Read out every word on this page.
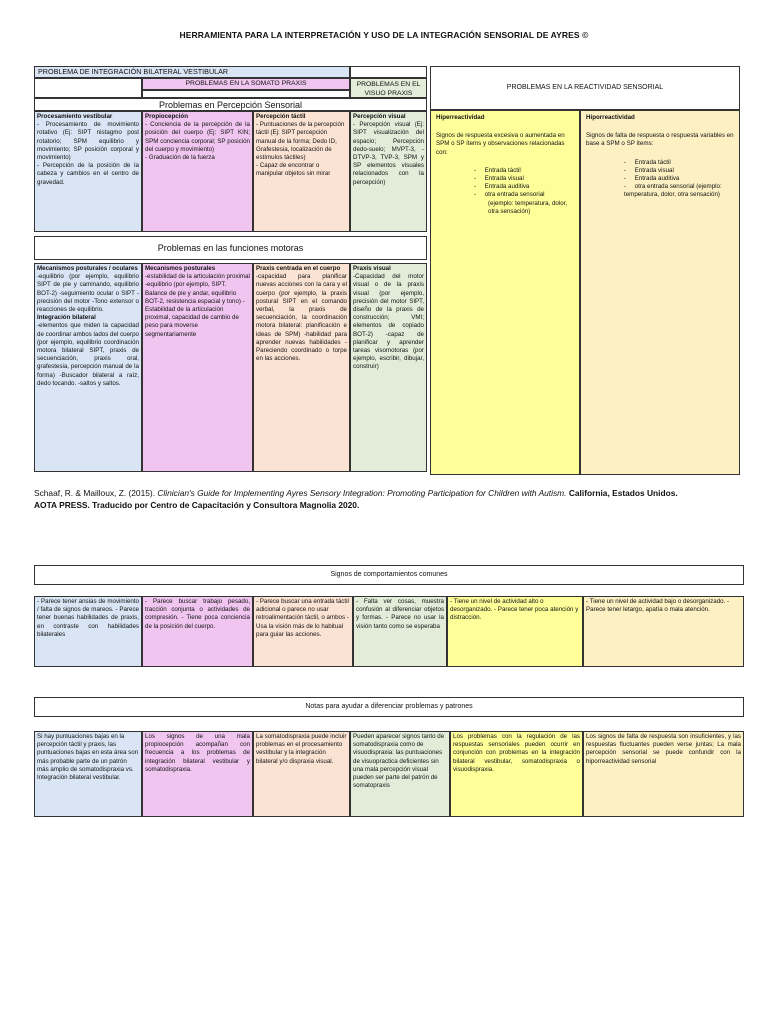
HERRAMIENTA PARA LA INTERPRETACIÓN Y USO DE LA INTEGRACIÓN SENSORIAL DE AYRES ©
PROBLEMA DE INTEGRACIÓN BILATERAL VESTIBULAR
PROBLEMAS EN LA SOMATO PRAXIS	PROBLEMAS EN EL VISUO PRAXIS
PROBLEMAS EN LA REACTIVIDAD SENSORIAL
Problemas en Percepción Sensorial

Procesamiento vestibular

- Procesamiento de movimiento rotativo (Ej: SIPT nistagmo post rotatorio; SPM equilibrio y movimiento; SP posición corporal y movimiento)

- Percepción de la posición de la cabeza y cambios en el centro de gravedad.

Propiocepción

- Conciencia de la percepción de la posición del cuerpo (Ej: SIPT KIN; SPM conciencia corporal; SP posición del cuerpo y movimiento)

- Graduación de la fuerza

Percepción táctil

- Puntuaciones de la percepción táctil (Ej: SIPT percepción manual de la forma; Dedo ID, Grafestesia, localización de estímulos táctiles)

- Capaz de encontrar o manipular objetos sin mirar

Percepción visual

- Percepción visual (Ej: SIPT visualización del espacio; Percepción dedo-suelo; MVPT-3, -DTVP-3, TVP-3, SPM y SP elementos visuales relacionados con la percepción)

Hiperreactividad

Signos de respuesta excesiva o aumentada en SPM o SP ítems y observaciones relacionadas con:

-     Entrada táctil

-     Entrada visual

-     Entrada auditiva

-     otra entrada sensorial

(ejemplo: temperatura, dolor, otra sensación)

Hiporreactividad

Signos de falta de respuesta o respuesta variables en base a SPM o SP ítems:

-     Entrada táctil

-     Entrada visual

-     Entrada auditiva

-     otra entrada sensorial (ejemplo: temperatura, dolor, otra sensación)

Problemas en las funciones motoras

Mecanismos posturales / oculares

-equilibrio (por ejemplo, equilibrio SIPT de pie y caminando, equilibrio BOT-2) -seguimiento ocular o SIPT -precisión del motor -Tono extensor o reacciones de equilibrio.

Integración bilateral

-elementos que miden la capacidad de coordinar ambos lados del cuerpo (por ejemplo, equilibrio coordinación motora bilateral SIPT, praxis de secuenciación, praxis oral, grafestesia, percepción manual de la forma) -Buscador bilateral a raíz, dedo tocando. -saltos y saltos.

Mecanismos posturales

-estabilidad de la articulación proximal -equilibrio (por ejemplo, SIPT. Balance de pie y andar, equilibrio BOT-2, resistencia espacial y tono) -Estabilidad de la articulación proximal, capacidad de cambio de peso para moverse segmentariamente

Praxis centrada en el cuerpo

-capacidad para planificar nuevas acciones con la cara y el cuerpo (por ejemplo, la praxis postural SIPT en el comando verbal, la praxis de secuenciación, la coordinación motora bilateral: planificación e ideas de SPM) -habilidad para aprender nuevas habilidades -Pareciendo coordinado o torpe en las acciones.

Praxis visual

-Capacidad del motor visual o de la praxis visual (por ejemplo, precisión del motor SIPT, diseño de la praxis de construcción; VMI; elementos de copiado BOT-2) -capaz de planificar y aprender tareas visomotoras (por ejemplo, escribir, dibujar, construir)

Schaaf, R. & Mailloux, Z. (2015). Clinician's Guide for Implementing Ayres Sensory Integration: Promoting Participation for Children with Autism. California, Estados Unidos.
AOTA PRESS. Traducido por Centro de Capacitación y Consultora Magnolia 2020.
Signos de comportamientos comunes

- Parece tener ansias de movimiento / falta de signos de mareos. - Parece tener buenas habilidades de praxis, en contraste con habilidades bilaterales

- Parece buscar trabajo pesado, tracción conjunta o actividades de compresión. - Tiene poca conciencia de la posición del cuerpo.

- Parece buscar una entrada táctil adicional o parece no usar retroalimentación táctil, o ambos - Usa la visión más de lo habitual para guiar las acciones.

- Falta ver cosas, muestra confusión al diferenciar objetos y formas. - Parece no usar la visión tanto como se esperaba

- Tiene un nivel de actividad alto o desorganizado. - Parece tener poca atención y distracción.

- Tiene un nivel de actividad bajo o desorganizado. - Parece tener letargo, apatía o mala atención.

Notas para ayudar a diferenciar problemas y patrones

Si hay puntuaciones bajas en la percepción táctil y praxis, las puntuaciones bajas en esta área son más probable parte de un patrón más amplio de somatodispraxia vs. Integración bilateral vestibular.

Los signos de una mala propiocepción acompañan con frecuencia a los problemas de integración bilateral vestibular y somatodispraxia.

La somatodispraxia puede incluir problemas en el procesamiento vestibular y la integración bilateral y/o dispraxia visual.

Pueden aparecer signos tanto de somatodispraxia como de visuodispraxia: las puntuaciones de visuopractica deficientes sin una mala percepción visual pueden ser parte del patrón de somatopraxis

Los problemas con la regulación de las respuestas sensoriales pueden ocurrir en conjunción con problemas en la integración bilateral vestibular, somatodispraxia o visuodispraxia.

Los signos de falta de respuesta son insuficientes, y las respuestas fluctuantes pueden verse juntas; La mala percepción sensorial se puede confundir con la hiporreactividad sensorial
